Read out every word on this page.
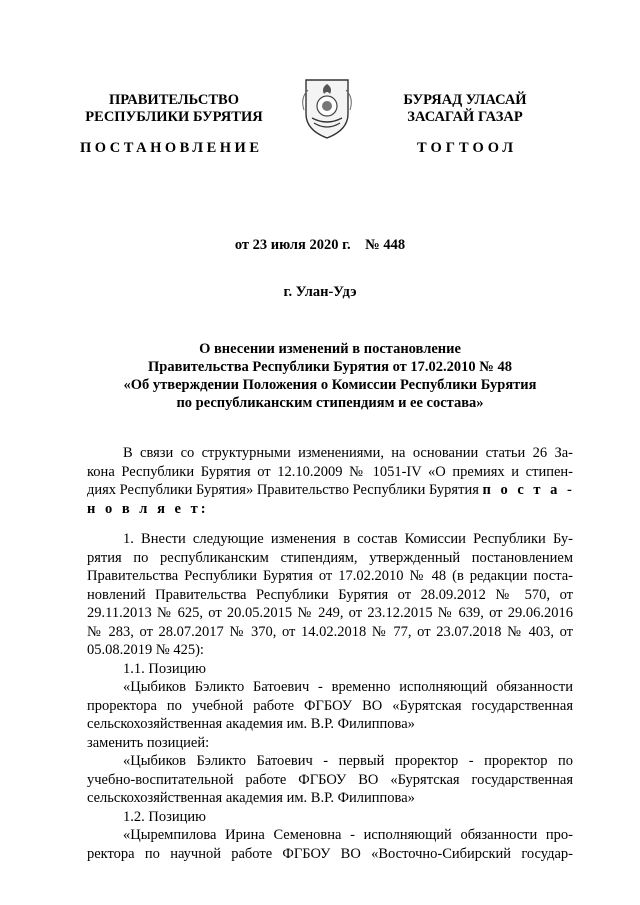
ПРАВИТЕЛЬСТВО
РЕСПУБЛИКИ БУРЯТИЯ
БУРЯАД УЛАСАЙ
ЗАСАГАЙ ГАЗАР
ПОСТАНОВЛЕНИЕ	ТОГТООЛ
от 23 июля 2020 г.    № 448
г. Улан-Удэ
О внесении изменений в постановление
Правительства Республики Бурятия от 17.02.2010 № 48
«Об утверждении Положения о Комиссии Республики Бурятия
по республиканским стипендиям и ее состава»
В связи со структурными изменениями, на основании статьи 26 За-
кона Республики Бурятия от 12.10.2009 № 1051-IV «О премиях и стипен-
диях Республики Бурятия» Правительство Республики Бурятия п о с т а -
н о в л я е т:
1. Внести следующие изменения в состав Комиссии Республики Бу-
рятия по республиканским стипендиям, утвержденный постановлением
Правительства Республики Бурятия от 17.02.2010 № 48 (в редакции поста-
новлений Правительства Республики Бурятия от 28.09.2012 № 570, от
29.11.2013 № 625, от 20.05.2015 № 249, от 23.12.2015 № 639, от 29.06.2016
№ 283, от 28.07.2017 № 370, от 14.02.2018 № 77, от 23.07.2018 № 403, от
05.08.2019 № 425):
1.1. Позицию
«Цыбиков Бэликто Батоевич - временно исполняющий обязанности
проректора по учебной работе ФГБОУ ВО «Бурятская государственная
сельскохозяйственная академия им. В.Р. Филиппова»
заменить позицией:
«Цыбиков Бэликто Батоевич - первый проректор - проректор по
учебно-воспитательной работе ФГБОУ ВО «Бурятская государственная
сельскохозяйственная академия им. В.Р. Филиппова»
1.2. Позицию
«Цыремпилова Ирина Семеновна - исполняющий обязанности про-
ректора по научной работе ФГБОУ ВО «Восточно-Сибирский государ-
